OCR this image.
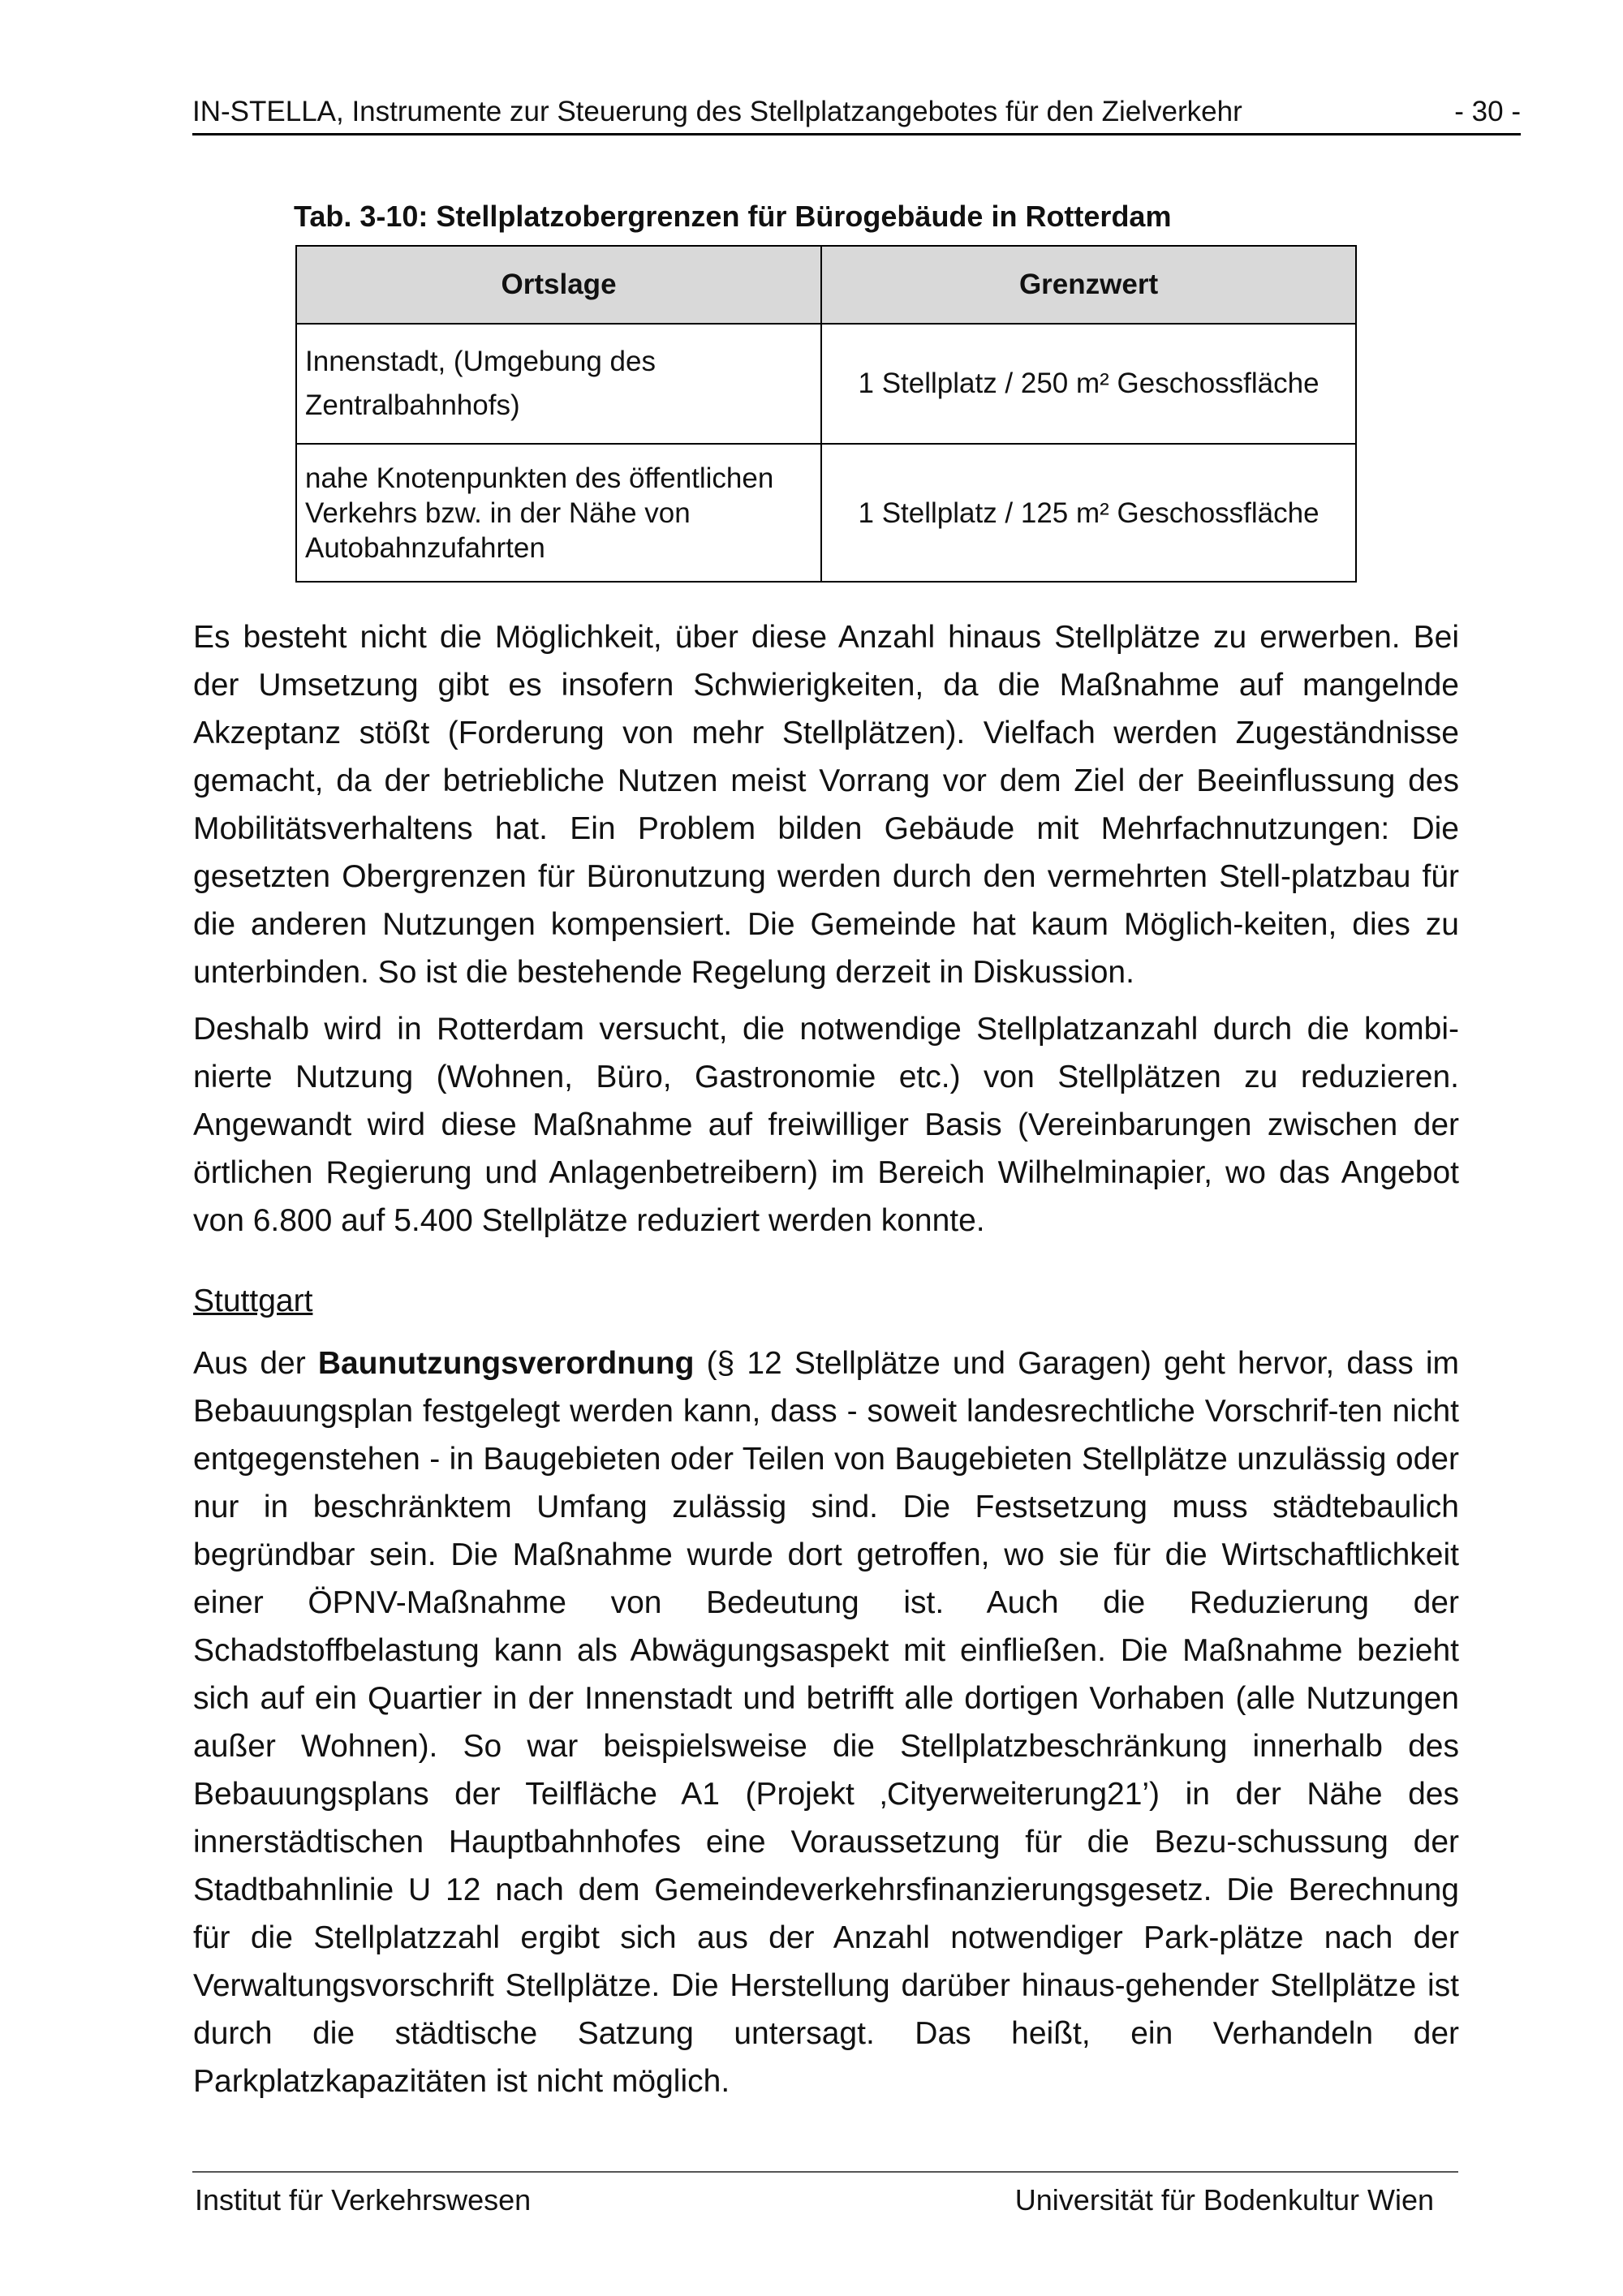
IN-STELLA, Instrumente zur Steuerung des Stellplatzangebotes für den Zielverkehr	- 30 -
Tab. 3-10: Stellplatzobergrenzen für Bürogebäude in Rotterdam
Ortslage	Grenzwert
Innenstadt, (Umgebung des
Zentralbahnhofs)	1 Stellplatz / 250 m² Geschossfläche
nahe Knotenpunkten des öffentlichen
Verkehrs bzw. in der Nähe von
Autobahnzufahrten	1 Stellplatz / 125 m² Geschossfläche

Es besteht nicht die Möglichkeit, über diese Anzahl hinaus Stellplätze zu erwerben. Bei der Umsetzung gibt es insofern Schwierigkeiten, da die Maßnahme auf mangelnde Akzeptanz stößt (Forderung von mehr Stellplätzen). Vielfach werden Zugeständnisse gemacht, da der betriebliche Nutzen meist Vorrang vor dem Ziel der Beeinflussung des Mobilitätsverhaltens hat. Ein Problem bilden Gebäude mit Mehrfachnutzungen: Die gesetzten Obergrenzen für Büronutzung werden durch den vermehrten Stell-platzbau für die anderen Nutzungen kompensiert. Die Gemeinde hat kaum Möglich-keiten, dies zu unterbinden. So ist die bestehende Regelung derzeit in Diskussion.

Deshalb wird in Rotterdam versucht, die notwendige Stellplatzanzahl durch die kombi-nierte Nutzung (Wohnen, Büro, Gastronomie etc.) von Stellplätzen zu reduzieren. Angewandt wird diese Maßnahme auf freiwilliger Basis (Vereinbarungen zwischen der örtlichen Regierung und Anlagenbetreibern) im Bereich Wilhelminapier, wo das Angebot von 6.800 auf 5.400 Stellplätze reduziert werden konnte.

Stuttgart

Aus der Baunutzungsverordnung (§ 12 Stellplätze und Garagen) geht hervor, dass im Bebauungsplan festgelegt werden kann, dass - soweit landesrechtliche Vorschrif-ten nicht entgegenstehen - in Baugebieten oder Teilen von Baugebieten Stellplätze unzulässig oder nur in beschränktem Umfang zulässig sind. Die Festsetzung muss städtebaulich begründbar sein. Die Maßnahme wurde dort getroffen, wo sie für die Wirtschaftlichkeit einer ÖPNV-Maßnahme von Bedeutung ist. Auch die Reduzierung der Schadstoffbelastung kann als Abwägungsaspekt mit einfließen. Die Maßnahme bezieht sich auf ein Quartier in der Innenstadt und betrifft alle dortigen Vorhaben (alle Nutzungen außer Wohnen). So war beispielsweise die Stellplatzbeschränkung innerhalb des Bebauungsplans der Teilfläche A1 (Projekt ‚Cityerweiterung21’) in der Nähe des innerstädtischen Hauptbahnhofes eine Voraussetzung für die Bezu-schussung der Stadtbahnlinie U 12 nach dem Gemeindeverkehrsfinanzierungsgesetz. Die Berechnung für die Stellplatzzahl ergibt sich aus der Anzahl notwendiger Park-plätze nach der Verwaltungsvorschrift Stellplätze. Die Herstellung darüber hinaus-gehender Stellplätze ist durch die städtische Satzung untersagt. Das heißt, ein Verhandeln der Parkplatzkapazitäten ist nicht möglich.

Institut für Verkehrswesen	Universität für Bodenkultur Wien
